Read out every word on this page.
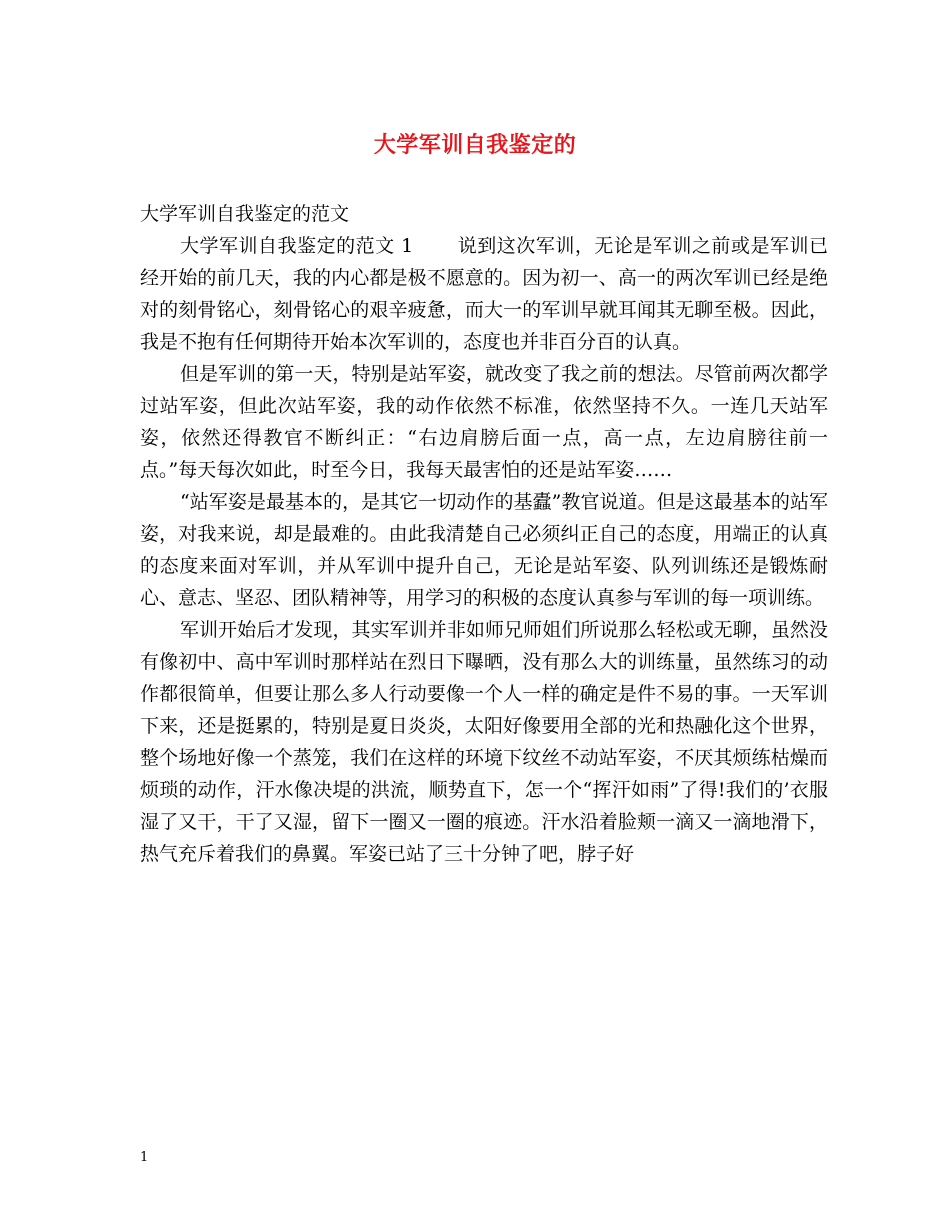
大学军训自我鉴定的

大学军训自我鉴定的范文

大学军训自我鉴定的范文 1 说到这次军训，无论是军训之前或是军训已经开始的前几天，我的内心都是极不愿意的。因为初一、高一的两次军训已经是绝对的刻骨铭心，刻骨铭心的艰辛疲惫，而大一的军训早就耳闻其无聊至极。因此，我是不抱有任何期待开始本次军训的，态度也并非百分百的认真。

但是军训的第一天，特别是站军姿，就改变了我之前的想法。尽管前两次都学过站军姿，但此次站军姿，我的动作依然不标准，依然坚持不久。一连几天站军姿，依然还得教官不断纠正：“右边肩膀后面一点，高一点，左边肩膀往前一点。”每天每次如此，时至今日，我每天最害怕的还是站军姿……

“站军姿是最基本的，是其它一切动作的基蠹”教官说道。但是这最基本的站军姿，对我来说，却是最难的。由此我清楚自己必须纠正自己的态度，用端正的认真的态度来面对军训，并从军训中提升自己，无论是站军姿、队列训练还是锻炼耐心、意志、坚忍、团队精神等，用学习的积极的态度认真参与军训的每一项训练。

军训开始后才发现，其实军训并非如师兄师姐们所说那么轻松或无聊，虽然没有像初中、高中军训时那样站在烈日下曝晒，没有那么大的训练量，虽然练习的动作都很简单，但要让那么多人行动要像一个人一样的确定是件不易的事。一天军训下来，还是挺累的，特别是夏日炎炎，太阳好像要用全部的光和热融化这个世界，整个场地好像一个蒸笼，我们在这样的环境下纹丝不动站军姿，不厌其烦练枯燥而烦琐的动作，汗水像决堤的洪流，顺势直下，怎一个“挥汗如雨”了得!我们的’衣服湿了又干，干了又湿，留下一圈又一圈的痕迹。汗水沿着脸颊一滴又一滴地滑下，热气充斥着我们的鼻翼。军姿已站了三十分钟了吧，脖子好

1
